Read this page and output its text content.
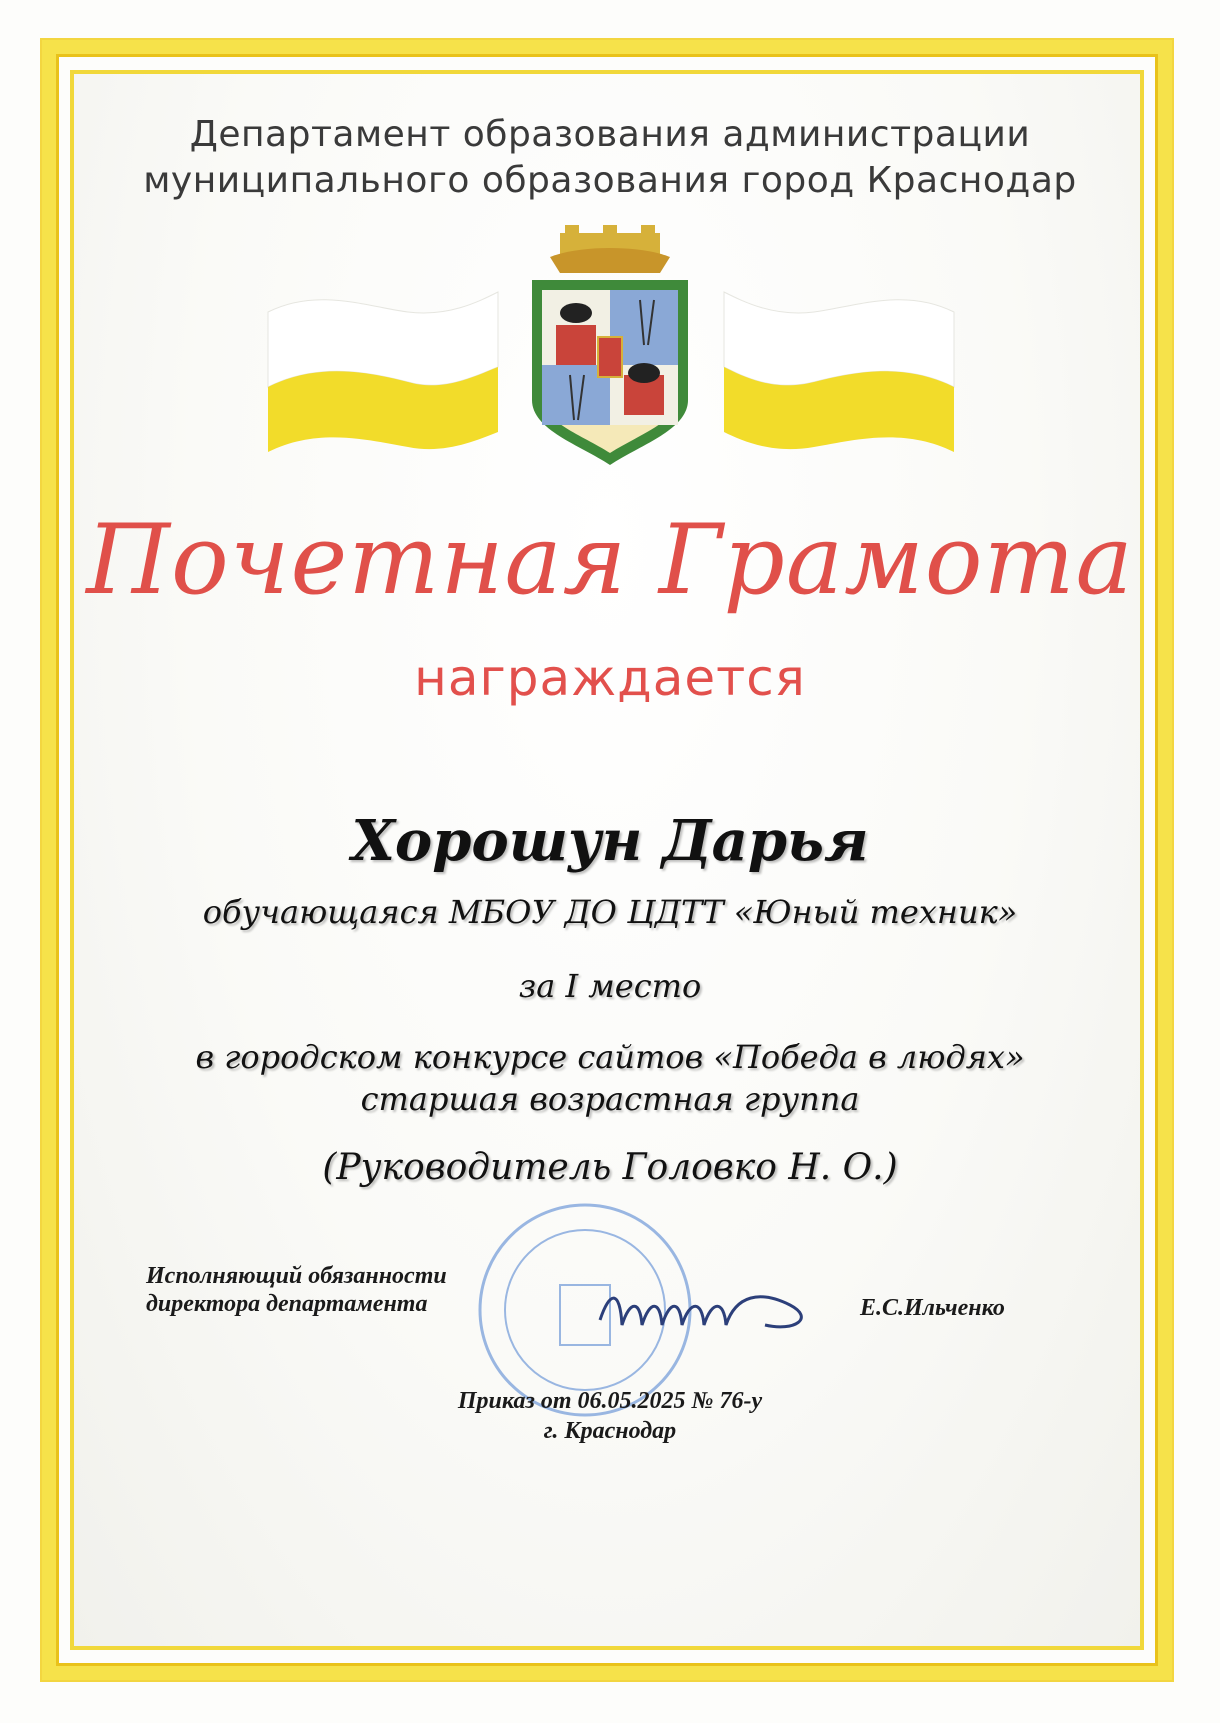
Департамент образования администрации
муниципального образования город Краснодар
Почетная Грамота
награждается
Хорошун Дарья
обучающаяся МБОУ ДО ЦДТТ «Юный техник»
за I место
в городском конкурсе сайтов «Победа в людях»
старшая возрастная группа
(Руководитель Головко Н. О.)
Исполняющий обязанности
директора департамента	Е.С.Ильченко
Приказ от 06.05.2025 № 76-у
г. Краснодар
